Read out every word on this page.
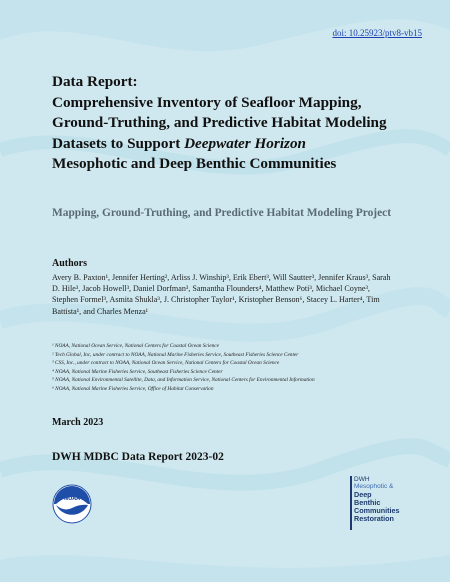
doi: 10.25923/ptv8-vb15
Data Report:
Comprehensive Inventory of Seafloor Mapping,
Ground-Truthing, and Predictive Habitat Modeling
Datasets to Support Deepwater Horizon
Mesophotic and Deep Benthic Communities

Mapping, Ground-Truthing, and Predictive Habitat Modeling Project

Authors

Avery B. Paxton¹, Jennifer Herting², Arliss J. Winship³, Erik Ebert³, Will Sautter³, Jennifer Kraus³, Sarah D. Hile³, Jacob Howell³, Daniel Dorfman³, Samantha Flounders⁴, Matthew Poti³, Michael Coyne³, Stephen Formel³, Asmita Shukla³, J. Christopher Taylor¹, Kristopher Benson⁶, Stacey L. Harter⁴, Tim Battista¹, and Charles Menza¹

¹ NOAA, National Ocean Service, National Centers for Coastal Ocean Science
² Tech Global, Inc, under contract to NOAA, National Marine Fisheries Service, Southeast Fisheries Science Center
³ CSS, Inc., under contract to NOAA, National Ocean Service, National Centers for Coastal Ocean Science
⁴ NOAA, National Marine Fisheries Service, Southeast Fisheries Science Center
⁵ NOAA, National Environmental Satellite, Data, and Information Service, National Centers for Environmental Information
⁶ NOAA, National Marine Fisheries Service, Office of Habitat Conservation
March 2023
DWH MDBC Data Report 2023-02
NOAA
DWH
Mesophotic &
Deep
Benthic
Communities
Restoration
